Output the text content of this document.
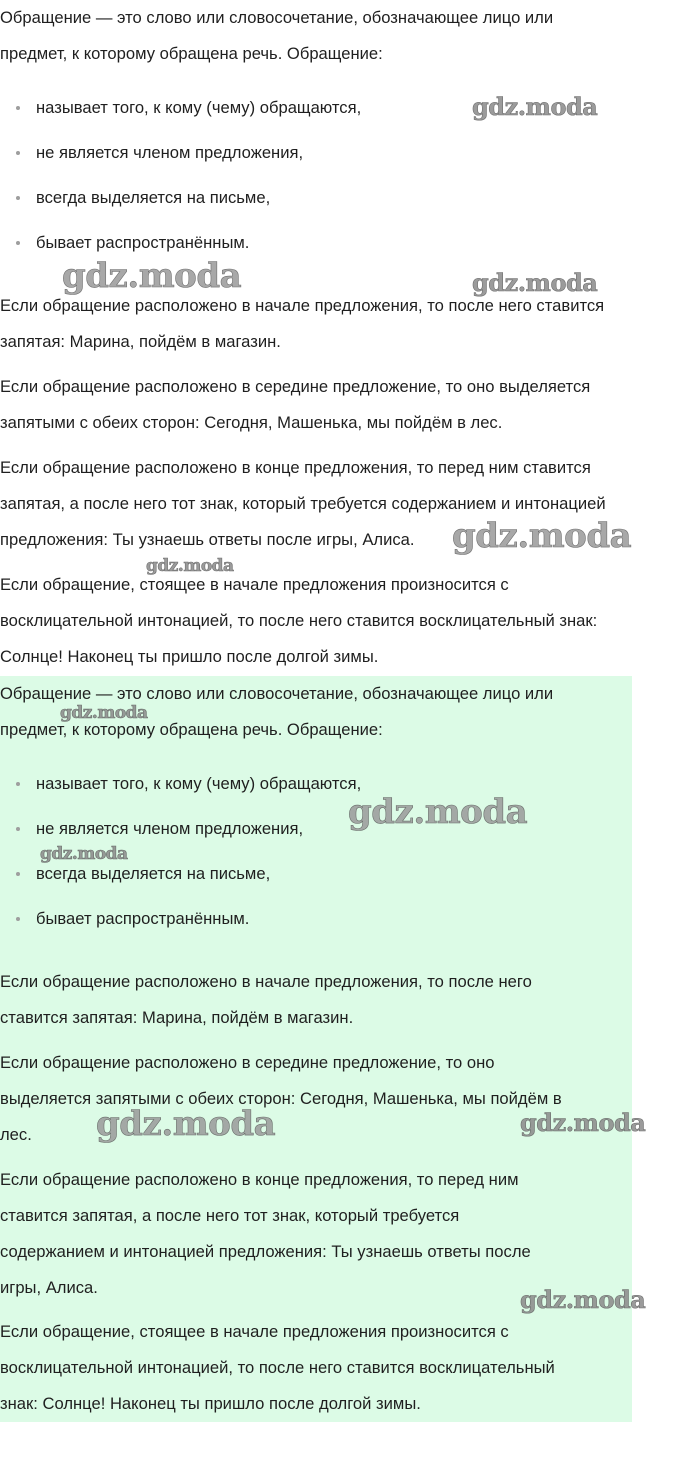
Обращение — это слово или словосочетание, обозначающее лицо или
предмет, к которому обращена речь. Обращение:

называет того, к кому (чему) обращаются,
не является членом предложения,
всегда выделяется на письме,
бывает распространённым.

Если обращение расположено в начале предложения, то после него ставится
запятая: Марина, пойдём в магазин.

Если обращение расположено в середине предложение, то оно выделяется
запятыми с обеих сторон: Сегодня, Машенька, мы пойдём в лес.

Если обращение расположено в конце предложения, то перед ним ставится
запятая, а после него тот знак, который требуется содержанием и интонацией
предложения: Ты узнаешь ответы после игры, Алиса.

Если обращение, стоящее в начале предложения произносится с
восклицательной интонацией, то после него ставится восклицательный знак:
Солнце! Наконец ты пришло после долгой зимы.

Обращение — это слово или словосочетание, обозначающее лицо или
предмет, к которому обращена речь. Обращение:

называет того, к кому (чему) обращаются,
не является членом предложения,
всегда выделяется на письме,
бывает распространённым.

Если обращение расположено в начале предложения, то после него
ставится запятая: Марина, пойдём в магазин.

Если обращение расположено в середине предложение, то оно
выделяется запятыми с обеих сторон: Сегодня, Машенька, мы пойдём в
лес.

Если обращение расположено в конце предложения, то перед ним
ставится запятая, а после него тот знак, который требуется
содержанием и интонацией предложения: Ты узнаешь ответы после
игры, Алиса.

Если обращение, стоящее в начале предложения произносится с
восклицательной интонацией, то после него ставится восклицательный
знак: Солнце! Наконец ты пришло после долгой зимы.

gdz.moda
gdz.moda	gdz.moda
gdz.moda
gdz.moda
gdz.moda
gdz.moda
gdz.moda
gdz.moda	gdz.moda
gdz.moda
